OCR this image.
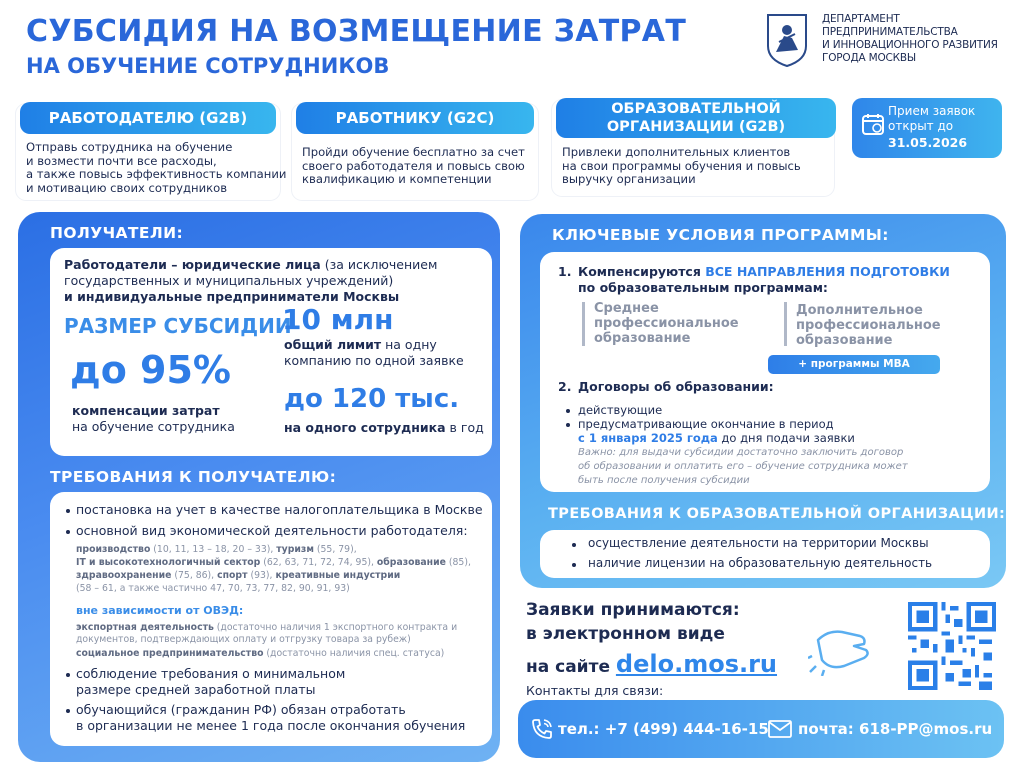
СУБСИДИЯ НА ВОЗМЕЩЕНИЕ ЗАТРАТ
НА ОБУЧЕНИЕ СОТРУДНИКОВ
ДЕПАРТАМЕНТ
ПРЕДПРИНИМАТЕЛЬСТВА
И ИННОВАЦИОННОГО РАЗВИТИЯ
ГОРОДА МОСКВЫ
РАБОТОДАТЕЛЮ (G2B)
Отправь сотрудника на обучение
и возмести почти все расходы,
а также повысь эффективность компании
и мотивацию своих сотрудников
РАБОТНИКУ (G2C)
Пройди обучение бесплатно за счет
своего работодателя и повысь свою
квалификацию и компетенции
ОБРАЗОВАТЕЛЬНОЙ
ОРГАНИЗАЦИИ (G2B)
Привлеки дополнительных клиентов
на свои программы обучения и повысь
выручку организации
Прием заявок
открыт до
31.05.2026
ПОЛУЧАТЕЛИ:
Работодатели – юридические лица (за исключением
государственных и муниципальных учреждений)
и индивидуальные предприниматели Москвы
РАЗМЕР СУБСИДИИ
10 млн
общий лимит на одну
компанию по одной заявке
до 95%
компенсации затрат
на обучение сотрудника
до 120 тыс.
на одного сотрудника в год
ТРЕБОВАНИЯ К ПОЛУЧАТЕЛЮ:
постановка на учет в качестве налогоплательщика в Москве
основной вид экономической деятельности работодателя:
производство (10, 11, 13 – 18, 20 – 33), туризм (55, 79),
IT и высокотехнологичный сектор (62, 63, 71, 72, 74, 95), образование (85),
здравоохранение (75, 86), спорт (93), креативные индустрии
(58 – 61, а также частично 47, 70, 73, 77, 82, 90, 91, 93)
вне зависимости от ОВЭД:
экспортная деятельность (достаточно наличия 1 экспортного контракта и
документов, подтверждающих оплату и отгрузку товара за рубеж)
социальное предпринимательство (достаточно наличия спец. статуса)
соблюдение требования о минимальном
размере средней заработной платы
обучающийся (гражданин РФ) обязан отработать
в организации не менее 1 года после окончания обучения
КЛЮЧЕВЫЕ УСЛОВИЯ ПРОГРАММЫ:
1. Компенсируются ВСЕ НАПРАВЛЕНИЯ ПОДГОТОВКИ
по образовательным программам:
Среднее
профессиональное
образование
Дополнительное
профессиональное
образование
+ программы МВА
2. Договоры об образовании:
действующие
предусматривающие окончание в период
с 1 января 2025 года до дня подачи заявки
Важно: для выдачи субсидии достаточно заключить договор
об образовании и оплатить его – обучение сотрудника может
быть после получения субсидии
ТРЕБОВАНИЯ К ОБРАЗОВАТЕЛЬНОЙ ОРГАНИЗАЦИИ:
осуществление деятельности на территории Москвы
наличие лицензии на образовательную деятельность
Заявки принимаются:
в электронном виде
на сайте delo.mos.ru
Контакты для связи:
тел.: +7 (499) 444-16-15 почта: 618-PP@mos.ru
